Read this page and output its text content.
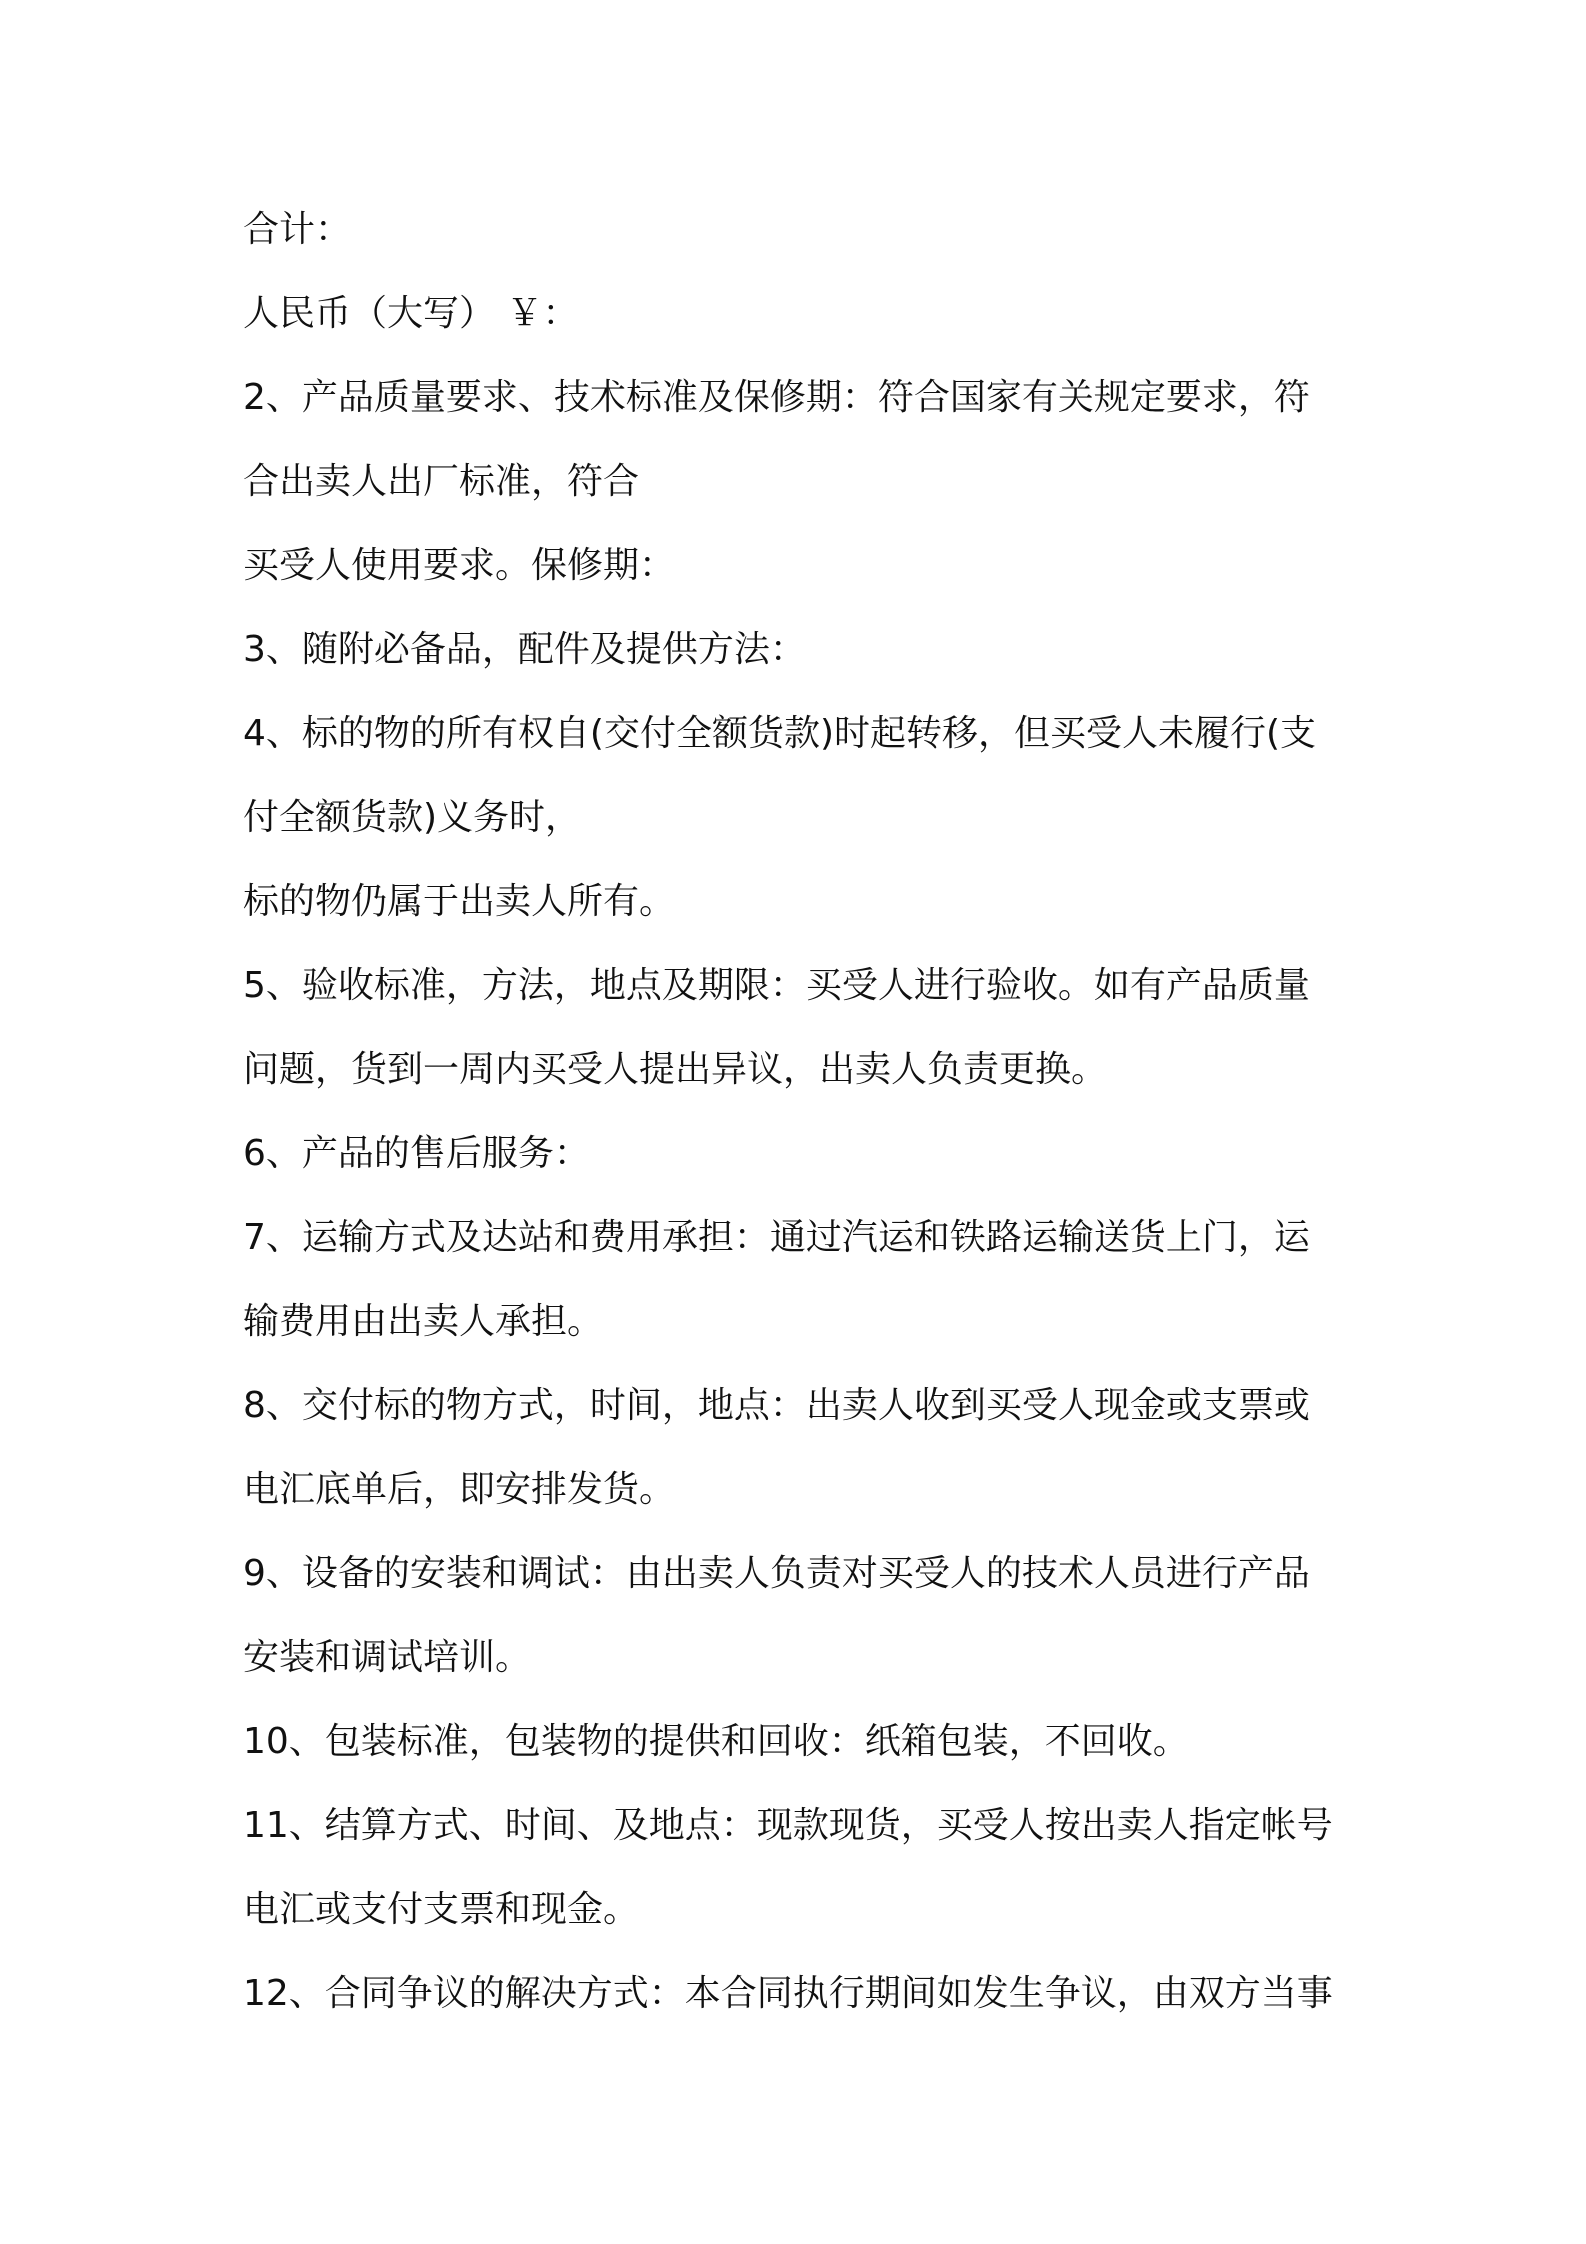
合计：
人民币（大写） ￥：
2、产品质量要求、技术标准及保修期：符合国家有关规定要求，符
合出卖人出厂标准，符合
买受人使用要求。保修期：
3、随附必备品，配件及提供方法：
4、标的物的所有权自(交付全额货款)时起转移，但买受人未履行(支
付全额货款)义务时，
标的物仍属于出卖人所有。
5、验收标准，方法，地点及期限：买受人进行验收。如有产品质量
问题，货到一周内买受人提出异议，出卖人负责更换。
6、产品的售后服务：
7、运输方式及达站和费用承担：通过汽运和铁路运输送货上门，运
输费用由出卖人承担。
8、交付标的物方式，时间，地点：出卖人收到买受人现金或支票或
电汇底单后，即安排发货。
9、设备的安装和调试：由出卖人负责对买受人的技术人员进行产品
安装和调试培训。
10、包装标准，包装物的提供和回收：纸箱包装，不回收。
11、结算方式、时间、及地点：现款现货，买受人按出卖人指定帐号
电汇或支付支票和现金。
12、合同争议的解决方式：本合同执行期间如发生争议，由双方当事
